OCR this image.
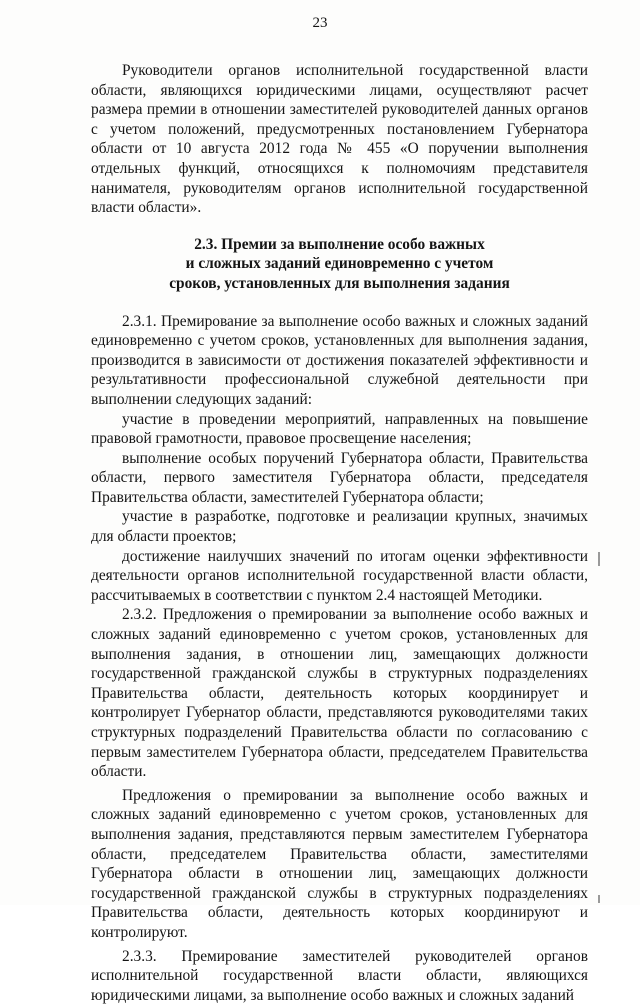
23

Руководители органов исполнительной государственной власти области, являющихся юридическими лицами, осуществляют расчет размера премии в отношении заместителей руководителей данных органов с учетом положений, предусмотренных постановлением Губернатора области от 10 августа 2012 года № 455 «О поручении выполнения отдельных функций, относящихся к полномочиям представителя нанимателя, руководителям органов исполнительной государственной власти области».

2.3. Премии за выполнение особо важных
и сложных заданий единовременно с учетом
сроков, установленных для выполнения задания

2.3.1. Премирование за выполнение особо важных и сложных заданий единовременно с учетом сроков, установленных для выполнения задания, производится в зависимости от достижения показателей эффективности и результативности профессиональной служебной деятельности при выполнении следующих заданий:

участие в проведении мероприятий, направленных на повышение правовой грамотности, правовое просвещение населения;

выполнение особых поручений Губернатора области, Правительства области, первого заместителя Губернатора области, председателя Правительства области, заместителей Губернатора области;

участие в разработке, подготовке и реализации крупных, значимых для области проектов;

достижение наилучших значений по итогам оценки эффективности деятельности органов исполнительной государственной власти области, рассчитываемых в соответствии с пунктом 2.4 настоящей Методики.

2.3.2. Предложения о премировании за выполнение особо важных и сложных заданий единовременно с учетом сроков, установленных для выполнения задания, в отношении лиц, замещающих должности государственной гражданской службы в структурных подразделениях Правительства области, деятельность которых координирует и контролирует Губернатор области, представляются руководителями таких структурных подразделений Правительства области по согласованию с первым заместителем Губернатора области, председателем Правительства области.

Предложения о премировании за выполнение особо важных и сложных заданий единовременно с учетом сроков, установленных для выполнения задания, представляются первым заместителем Губернатора области, председателем Правительства области, заместителями Губернатора области в отношении лиц, замещающих должности государственной гражданской службы в структурных подразделениях Правительства области, деятельность которых координируют и контролируют.

2.3.3. Премирование заместителей руководителей органов исполнительной государственной власти области, являющихся юридическими лицами, за выполнение особо важных и сложных заданий
